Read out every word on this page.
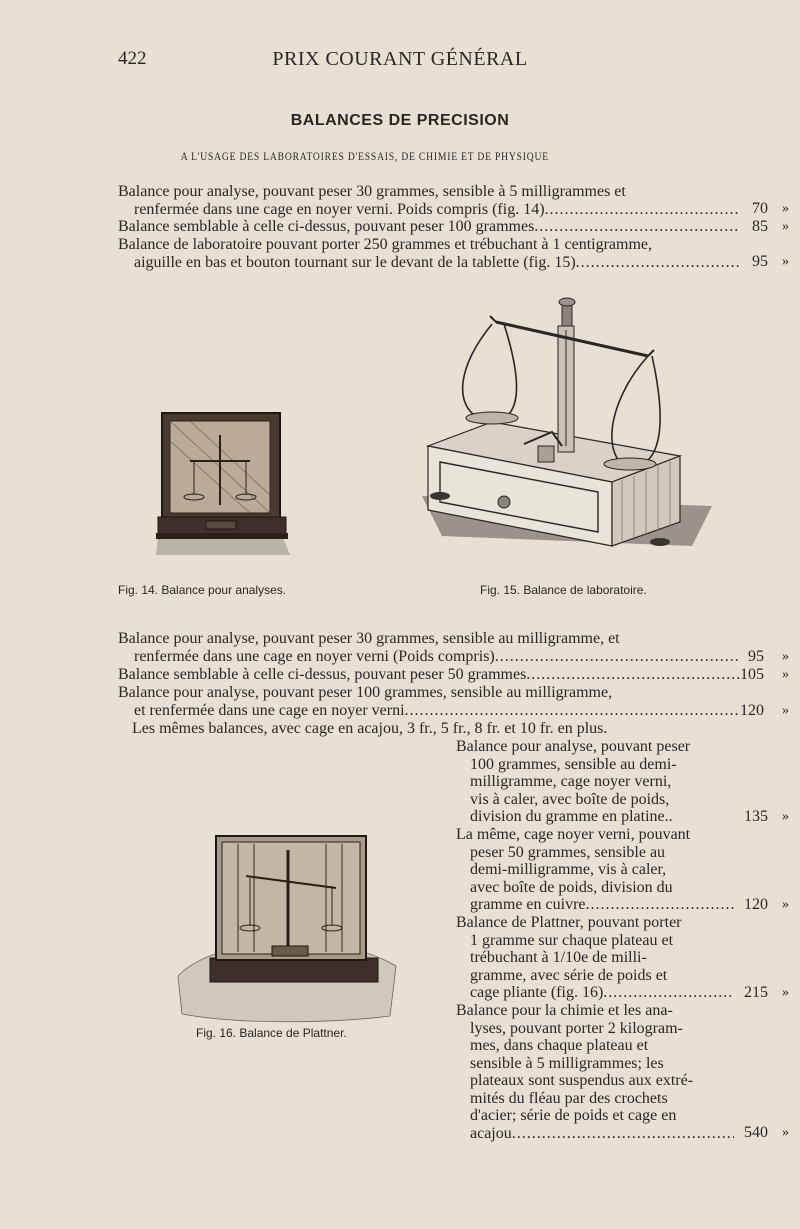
422	PRIX COURANT GÉNÉRAL
BALANCES DE PRECISION
A L'USAGE DES LABORATOIRES D'ESSAIS, DE CHIMIE ET DE PHYSIQUE
Balance pour analyse, pouvant peser 30 grammes, sensible à 5 milligrammes et
renfermée dans une cage en noyer verni. Poids compris (fig. 14) .....	70 »
Balance semblable à celle ci-dessus, pouvant peser 100 grammes .....	85 »
Balance de laboratoire pouvant porter 250 grammes et trébuchant à 1 centigramme,
aiguille en bas et bouton tournant sur le devant de la tablette (fig. 15) .....	95 »
Fig. 14. Balance pour analyses.	Fig. 15. Balance de laboratoire.
Balance pour analyse, pouvant peser 30 grammes, sensible au milligramme, et
renfermée dans une cage en noyer verni (Poids compris) .....	95 »
Balance semblable à celle ci-dessus, pouvant peser 50 grammes .....	105 »
Balance pour analyse, pouvant peser 100 grammes, sensible au milligramme,
et renfermée dans une cage en noyer verni .....	120 »
Les mêmes balances, avec cage en acajou, 3 fr., 5 fr., 8 fr. et 10 fr. en plus.
Balance pour analyse, pouvant peser
100 grammes, sensible au demi-
milligramme, cage noyer verni,
vis à caler, avec boîte de poids,
division du gramme en platine..	135 »
La même, cage noyer verni, pouvant
peser 50 grammes, sensible au
demi-milligramme, vis à caler,
avec boîte de poids, division du
gramme en cuivre .....	120 »
Balance de Plattner, pouvant porter
1 gramme sur chaque plateau et
trébuchant à 1/10e de milli-
gramme, avec série de poids et
cage pliante (fig. 16) .....	215 »
Balance pour la chimie et les ana-
lyses, pouvant porter 2 kilogram-
mes, dans chaque plateau et
sensible à 5 milligrammes; les
plateaux sont suspendus aux extré-
mités du fléau par des crochets
d'acier; série de poids et cage en
acajou .....	540 »
Fig. 16. Balance de Plattner.
